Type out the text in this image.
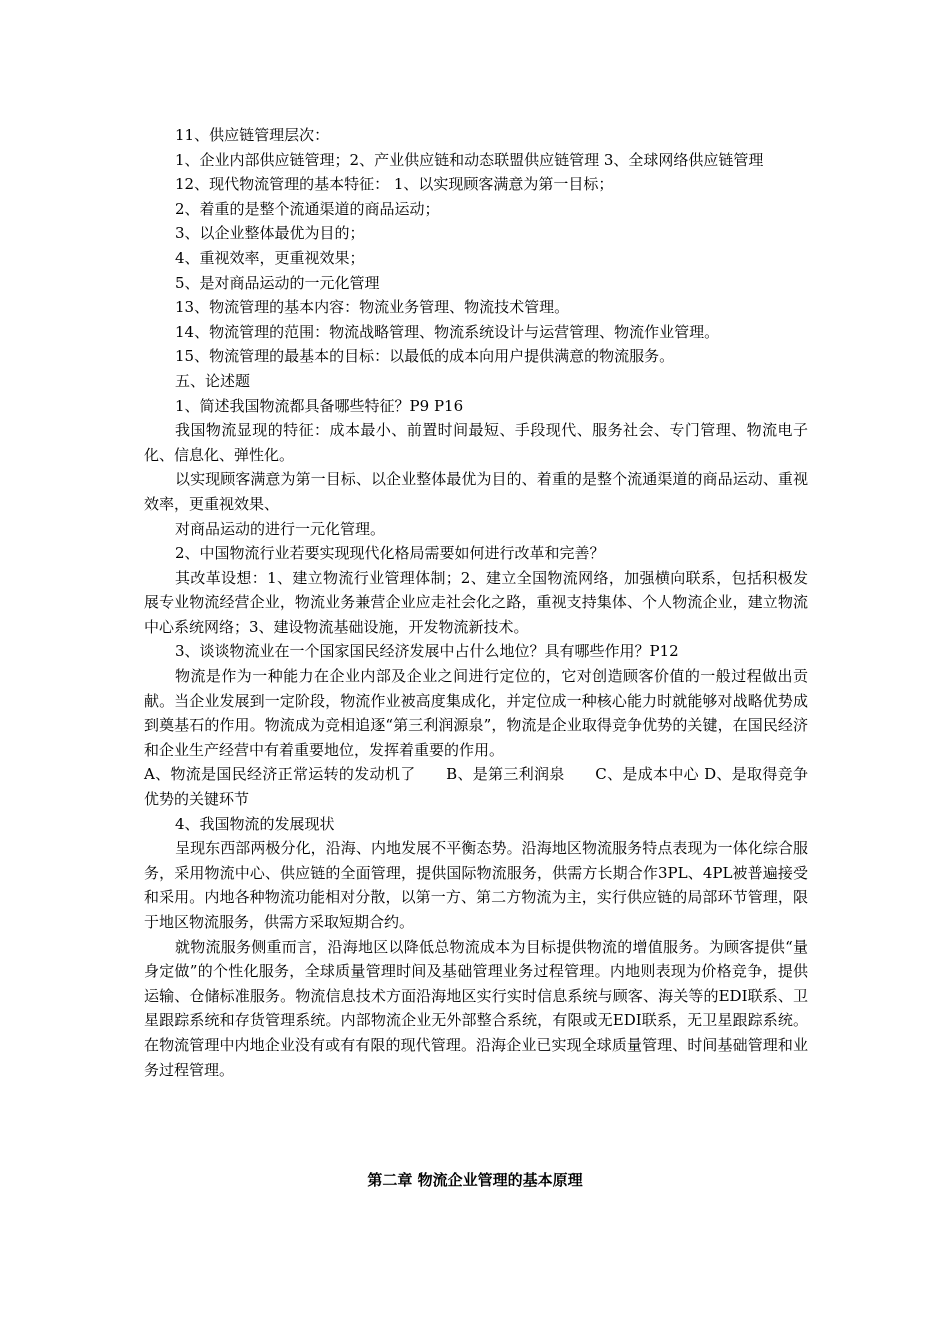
11、供应链管理层次：

1、企业内部供应链管理；2、产业供应链和动态联盟供应链管理 3、全球网络供应链管理

12、现代物流管理的基本特征： 1、以实现顾客满意为第一目标；

2、着重的是整个流通渠道的商品运动；

3、以企业整体最优为目的；

4、重视效率，更重视效果；

5、是对商品运动的一元化管理

13、物流管理的基本内容：物流业务管理、物流技术管理。

14、物流管理的范围：物流战略管理、物流系统设计与运营管理、物流作业管理。

15、物流管理的最基本的目标：以最低的成本向用户提供满意的物流服务。

五、论述题

1、简述我国物流都具备哪些特征？P9 P16

我国物流显现的特征：成本最小、前置时间最短、手段现代、服务社会、专门管理、物流电子化、信息化、弹性化。

以实现顾客满意为第一目标、以企业整体最优为目的、着重的是整个流通渠道的商品运动、重视效率，更重视效果、

对商品运动的进行一元化管理。

2、中国物流行业若要实现现代化格局需要如何进行改革和完善？

其改革设想：1、建立物流行业管理体制；2、建立全国物流网络，加强横向联系，包括积极发展专业物流经营企业，物流业务兼营企业应走社会化之路，重视支持集体、个人物流企业，建立物流中心系统网络；3、建设物流基础设施，开发物流新技术。

3、谈谈物流业在一个国家国民经济发展中占什么地位？具有哪些作用？P12

物流是作为一种能力在企业内部及企业之间进行定位的，它对创造顾客价值的一般过程做出贡献。当企业发展到一定阶段，物流作业被高度集成化，并定位成一种核心能力时就能够对战略优势成到奠基石的作用。物流成为竞相追逐“第三利润源泉”，物流是企业取得竞争优势的关键，在国民经济和企业生产经营中有着重要地位，发挥着重要的作用。

A、物流是国民经济正常运转的发动机了　　B、是第三利润泉　　C、是成本中心 D、是取得竞争优势的关键环节

4、我国物流的发展现状

呈现东西部两极分化，沿海、内地发展不平衡态势。沿海地区物流服务特点表现为一体化综合服务，采用物流中心、供应链的全面管理，提供国际物流服务，供需方长期合作3PL、4PL被普遍接受和采用。内地各种物流功能相对分散，以第一方、第二方物流为主，实行供应链的局部环节管理，限于地区物流服务，供需方采取短期合约。

就物流服务侧重而言，沿海地区以降低总物流成本为目标提供物流的增值服务。为顾客提供“量身定做”的个性化服务，全球质量管理时间及基础管理业务过程管理。内地则表现为价格竞争，提供运输、仓储标准服务。物流信息技术方面沿海地区实行实时信息系统与顾客、海关等的EDI联系、卫星跟踪系统和存货管理系统。内部物流企业无外部整合系统，有限或无EDI联系，无卫星跟踪系统。在物流管理中内地企业没有或有有限的现代管理。沿海企业已实现全球质量管理、时间基础管理和业务过程管理。

第二章 物流企业管理的基本原理
